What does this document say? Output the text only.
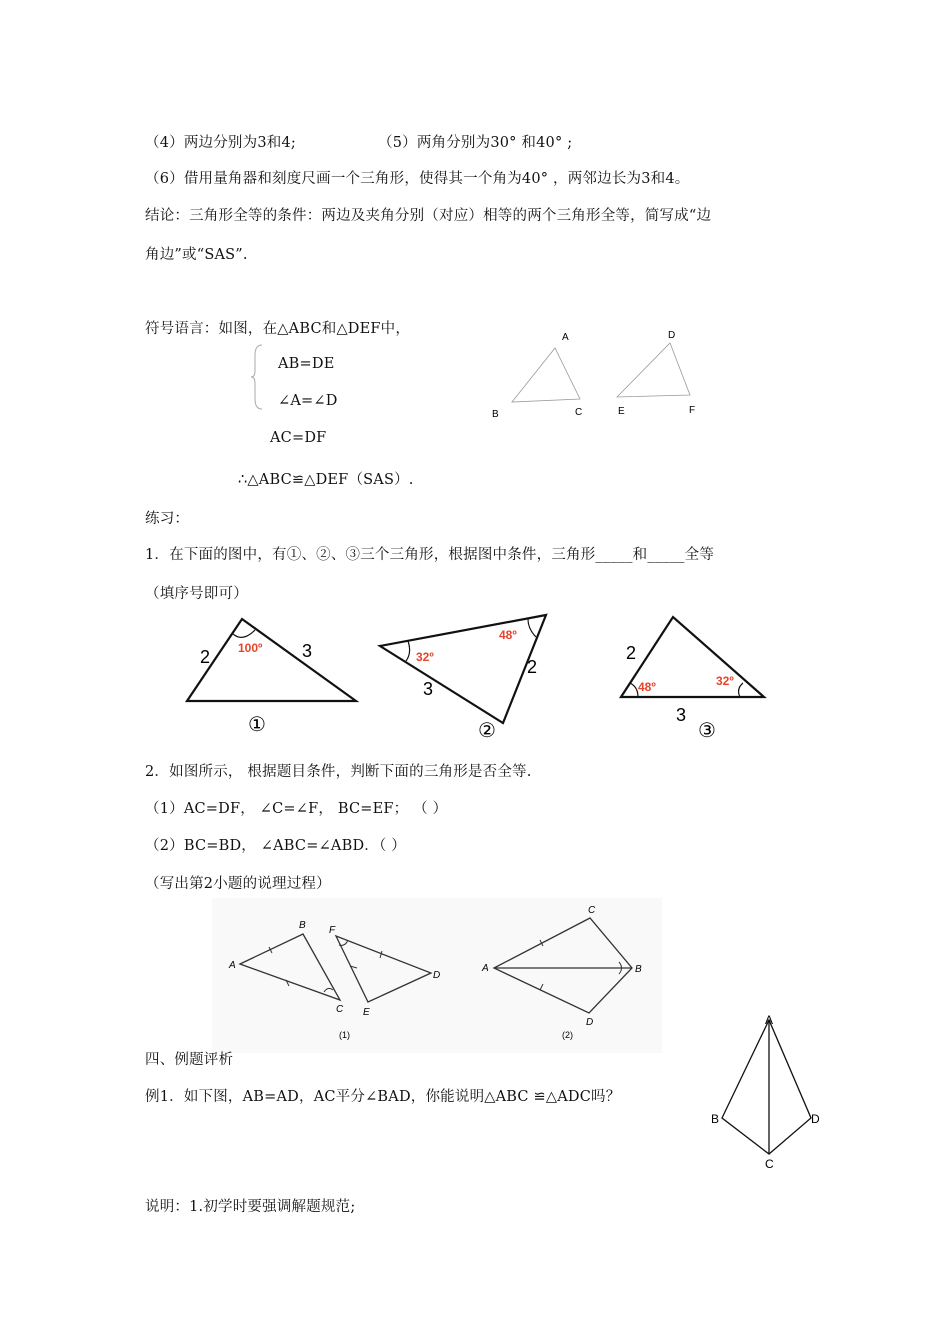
（4）两边分别为3和4;	（5）两角分别为30° 和40° ;
（6）借用量角器和刻度尺画一个三角形，使得其一个角为40° ，两邻边长为3和4。
结论：三角形全等的条件：两边及夹角分别（对应）相等的两个三角形全等，简写成“边
角边”或“SAS”.
符号语言：如图，在△ABC和△DEF中，
AB=DE
∠A=∠D
AC=DF
∴△ABC≌△DEF（SAS）.
A
B	C
D
E	F
练习：
1．在下面的图中，有①、②、③三个三角形，根据图中条件，三角形_____和_____全等
（填序号即可）
2	3
100º
①
32º
48º
2
3
②
2
48º	32º
3
③
2．如图所示， 根据题目条件，判断下面的三角形是否全等.
（1）AC=DF， ∠C=∠F， BC=EF； （ ）
（2）BC=BD， ∠ABC=∠ABD．（ ）
（写出第2小题的说理过程）
A
B
C
D
E
F
(1)
A	B
C
D
(2)
四、例题评析
例1．如下图，AB=AD，AC平分∠BAD，你能说明△ABC ≌△ADC吗？
A
B
C
D
说明：1.初学时要强调解题规范;
